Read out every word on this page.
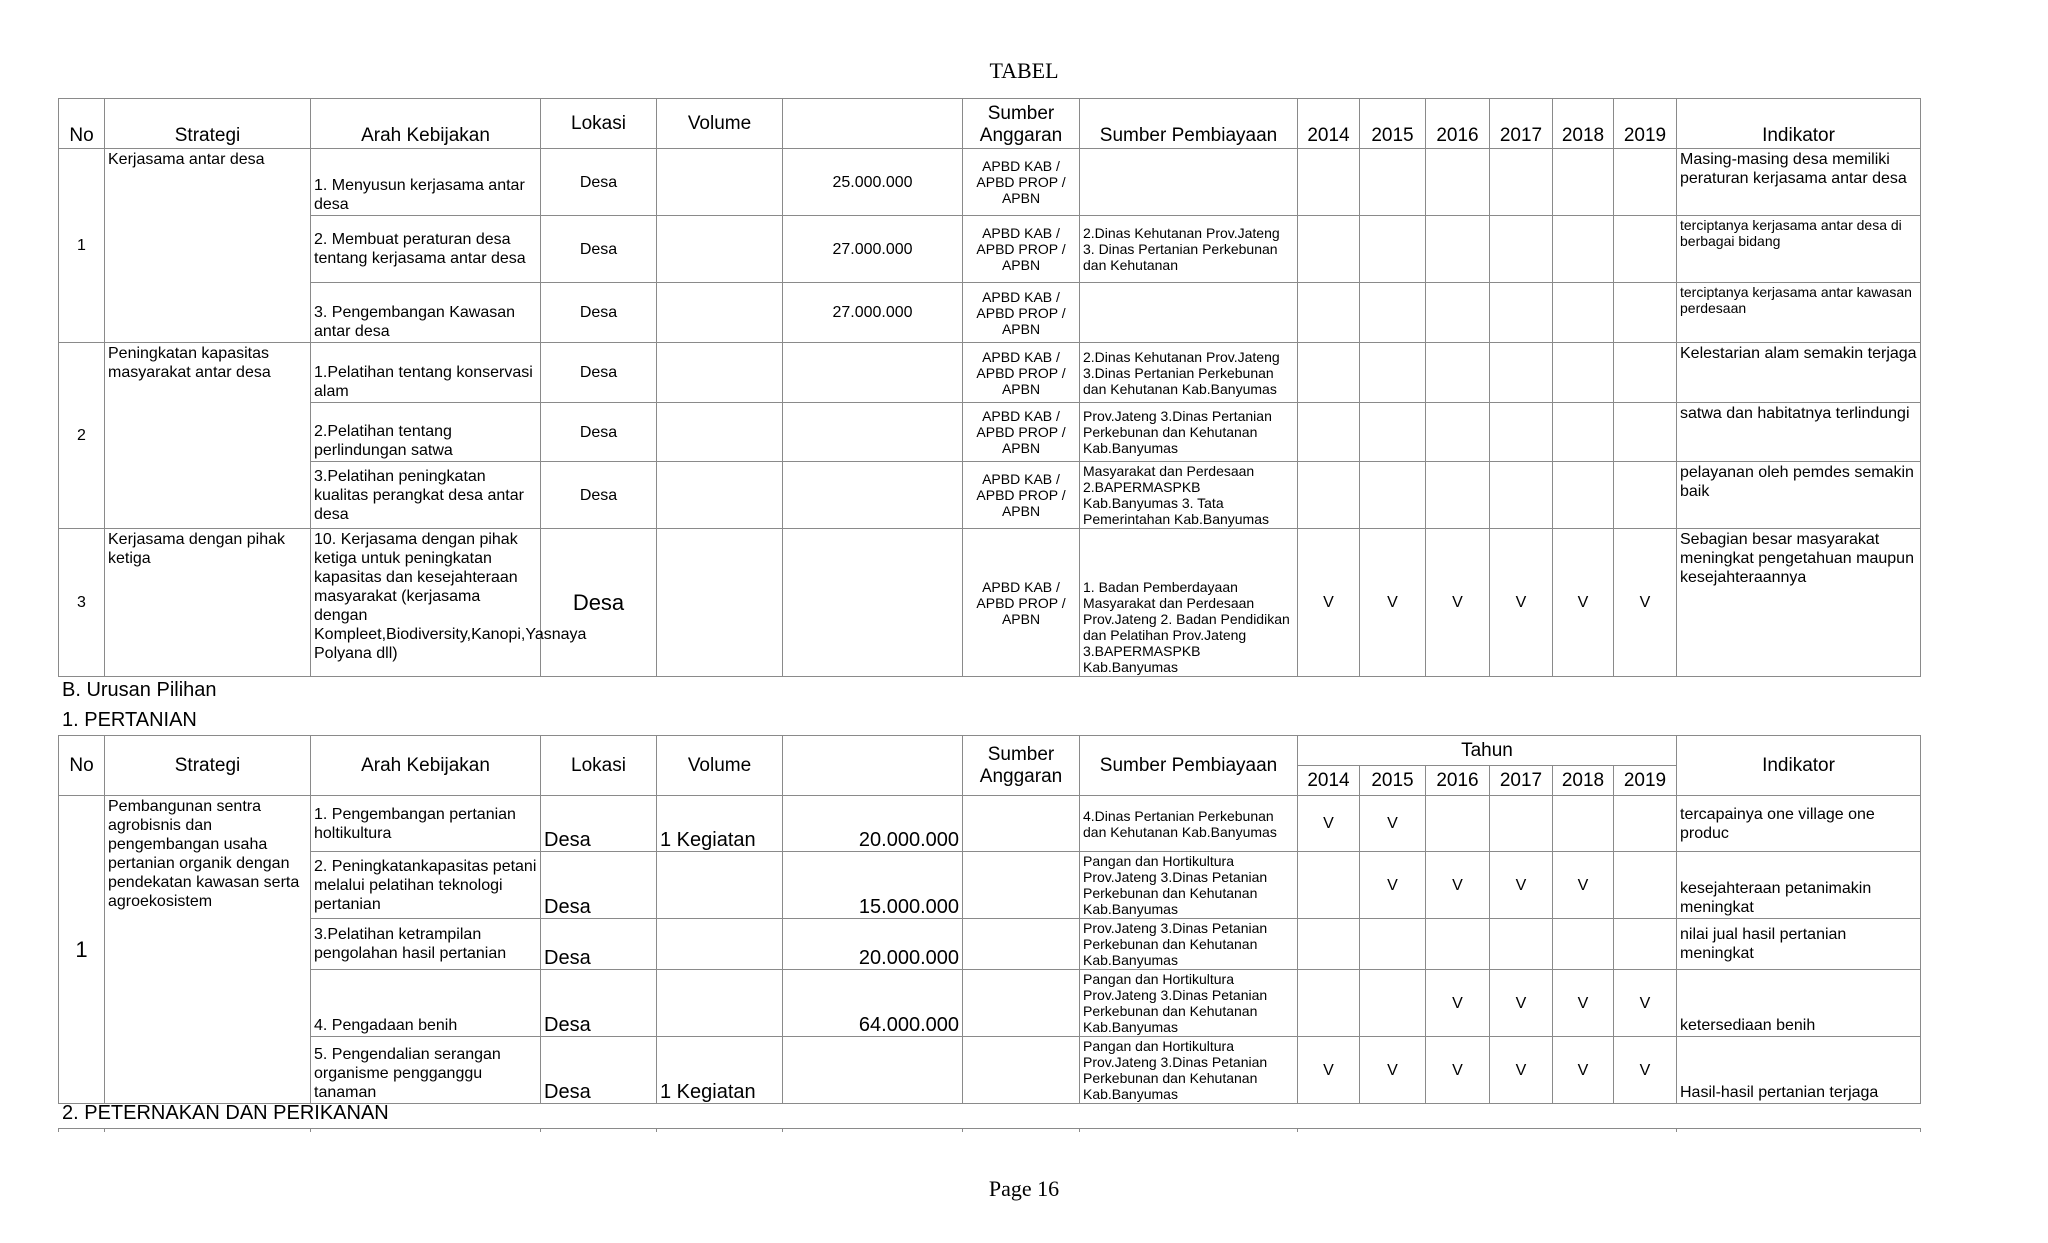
TABEL
No	Strategi	Arah Kebijakan	Lokasi	Volume		Sumber Anggaran	Sumber Pembiayaan	2014	2015	2016	2017	2018	2019	Indikator
1	Kerjasama antar desa	1. Menyusun kerjasama antar desa	Desa		25.000.000	APBD KAB / APBD PROP / APBN								Masing-masing desa memiliki peraturan kerjasama antar desa
		2. Membuat peraturan desa tentang kerjasama antar desa	Desa		27.000.000	APBD KAB / APBD PROP / APBN	2.Dinas Kehutanan Prov.Jateng 3. Dinas Pertanian Perkebunan dan Kehutanan							terciptanya kerjasama antar desa di berbagai bidang
		3. Pengembangan Kawasan antar desa	Desa		27.000.000	APBD KAB / APBD PROP / APBN								terciptanya kerjasama antar kawasan perdesaan
2	Peningkatan kapasitas masyarakat antar desa	1.Pelatihan tentang konservasi alam	Desa			APBD KAB / APBD PROP / APBN	2.Dinas Kehutanan Prov.Jateng 3.Dinas Pertanian Perkebunan dan Kehutanan Kab.Banyumas							Kelestarian alam semakin terjaga
		2.Pelatihan tentang perlindungan satwa	Desa			APBD KAB / APBD PROP / APBN	Prov.Jateng 3.Dinas Pertanian Perkebunan dan Kehutanan Kab.Banyumas							satwa dan habitatnya terlindungi
		3.Pelatihan peningkatan kualitas perangkat desa antar desa	Desa			APBD KAB / APBD PROP / APBN	Masyarakat dan Perdesaan 2.BAPERMASPKB Kab.Banyumas 3. Tata Pemerintahan Kab.Banyumas							pelayanan oleh pemdes semakin baik
3	Kerjasama dengan pihak ketiga	10. Kerjasama dengan pihak ketiga untuk peningkatan kapasitas dan kesejahteraan masyarakat (kerjasama dengan Kompleet,Biodiversity,Kanopi,Yasnaya Polyana dll)	Desa			APBD KAB / APBD PROP / APBN	1. Badan Pemberdayaan Masyarakat dan Perdesaan Prov.Jateng 2. Badan Pendidikan dan Pelatihan Prov.Jateng 3.BAPERMASPKB Kab.Banyumas	V	V	V	V	V	V	Sebagian besar masyarakat meningkat pengetahuan maupun kesejahteraannya
B. Urusan Pilihan
1. PERTANIAN
No	Strategi	Arah Kebijakan	Lokasi	Volume		Sumber Anggaran	Sumber Pembiayaan	Tahun						Indikator
								2014	2015	2016	2017	2018	2019	
1	Pembangunan sentra agrobisnis dan pengembangan usaha pertanian organik dengan pendekatan kawasan serta agroekosistem	1. Pengembangan pertanian holtikultura	Desa	1 Kegiatan	20.000.000		4.Dinas Pertanian Perkebunan dan Kehutanan Kab.Banyumas	V	V					tercapainya one village one produc
		2. Peningkatankapasitas petani melalui pelatihan teknologi pertanian	Desa		15.000.000		Pangan dan Hortikultura Prov.Jateng 3.Dinas Petanian Perkebunan dan Kehutanan Kab.Banyumas		V	V	V	V		kesejahteraan petanimakin meningkat
		3.Pelatihan ketrampilan pengolahan hasil pertanian	Desa		20.000.000		Prov.Jateng 3.Dinas Petanian Perkebunan dan Kehutanan Kab.Banyumas							nilai jual hasil pertanian meningkat
		4. Pengadaan benih	Desa		64.000.000		Pangan dan Hortikultura Prov.Jateng 3.Dinas Petanian Perkebunan dan Kehutanan Kab.Banyumas			V	V	V	V	ketersediaan benih
		5. Pengendalian serangan organisme pengganggu tanaman	Desa	1 Kegiatan			Pangan dan Hortikultura Prov.Jateng 3.Dinas Petanian Perkebunan dan Kehutanan Kab.Banyumas	V	V	V	V	V	V	Hasil-hasil pertanian terjaga
2. PETERNAKAN DAN PERIKANAN

Page 16
